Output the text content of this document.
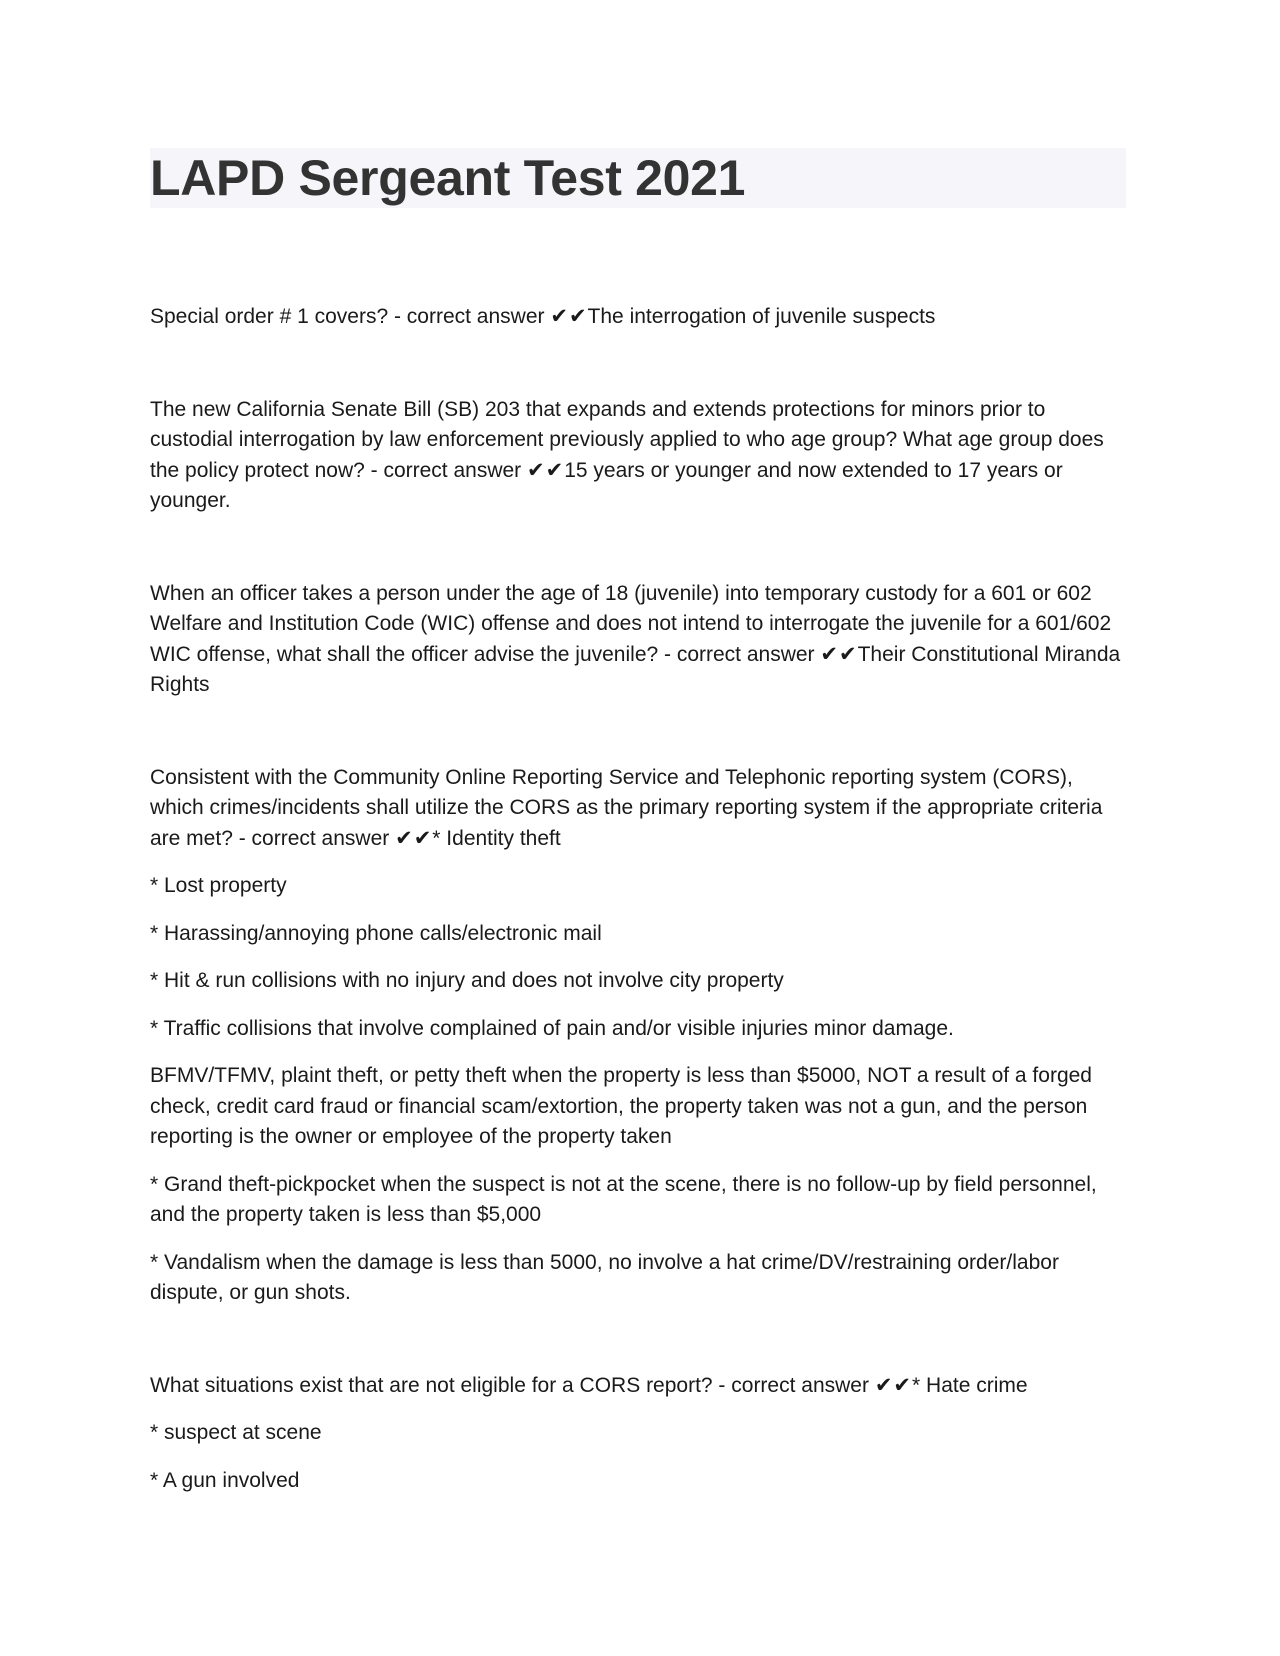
LAPD Sergeant Test 2021

Special order # 1 covers? - correct answer ✔✔The interrogation of juvenile suspects

The new California Senate Bill (SB) 203 that expands and extends protections for minors prior to custodial interrogation by law enforcement previously applied to who age group? What age group does the policy protect now? - correct answer ✔✔15 years or younger and now extended to 17 years or younger.

When an officer takes a person under the age of 18 (juvenile) into temporary custody for a 601 or 602 Welfare and Institution Code (WIC) offense and does not intend to interrogate the juvenile for a 601/602 WIC offense, what shall the officer advise the juvenile? - correct answer ✔✔Their Constitutional Miranda Rights

Consistent with the Community Online Reporting Service and Telephonic reporting system (CORS), which crimes/incidents shall utilize the CORS as the primary reporting system if the appropriate criteria are met? - correct answer ✔✔* Identity theft

* Lost property

* Harassing/annoying phone calls/electronic mail

* Hit & run collisions with no injury and does not involve city property

* Traffic collisions that involve complained of pain and/or visible injuries minor damage.

BFMV/TFMV, plaint theft, or petty theft when the property is less than $5000, NOT a result of a forged check, credit card fraud or financial scam/extortion, the property taken was not a gun, and the person reporting is the owner or employee of the property taken

* Grand theft-pickpocket when the suspect is not at the scene, there is no follow-up by field personnel, and the property taken is less than $5,000

* Vandalism when the damage is less than 5000, no involve a hat crime/DV/restraining order/labor dispute, or gun shots.

What situations exist that are not eligible for a CORS report? - correct answer ✔✔* Hate crime

* suspect at scene

* A gun involved
